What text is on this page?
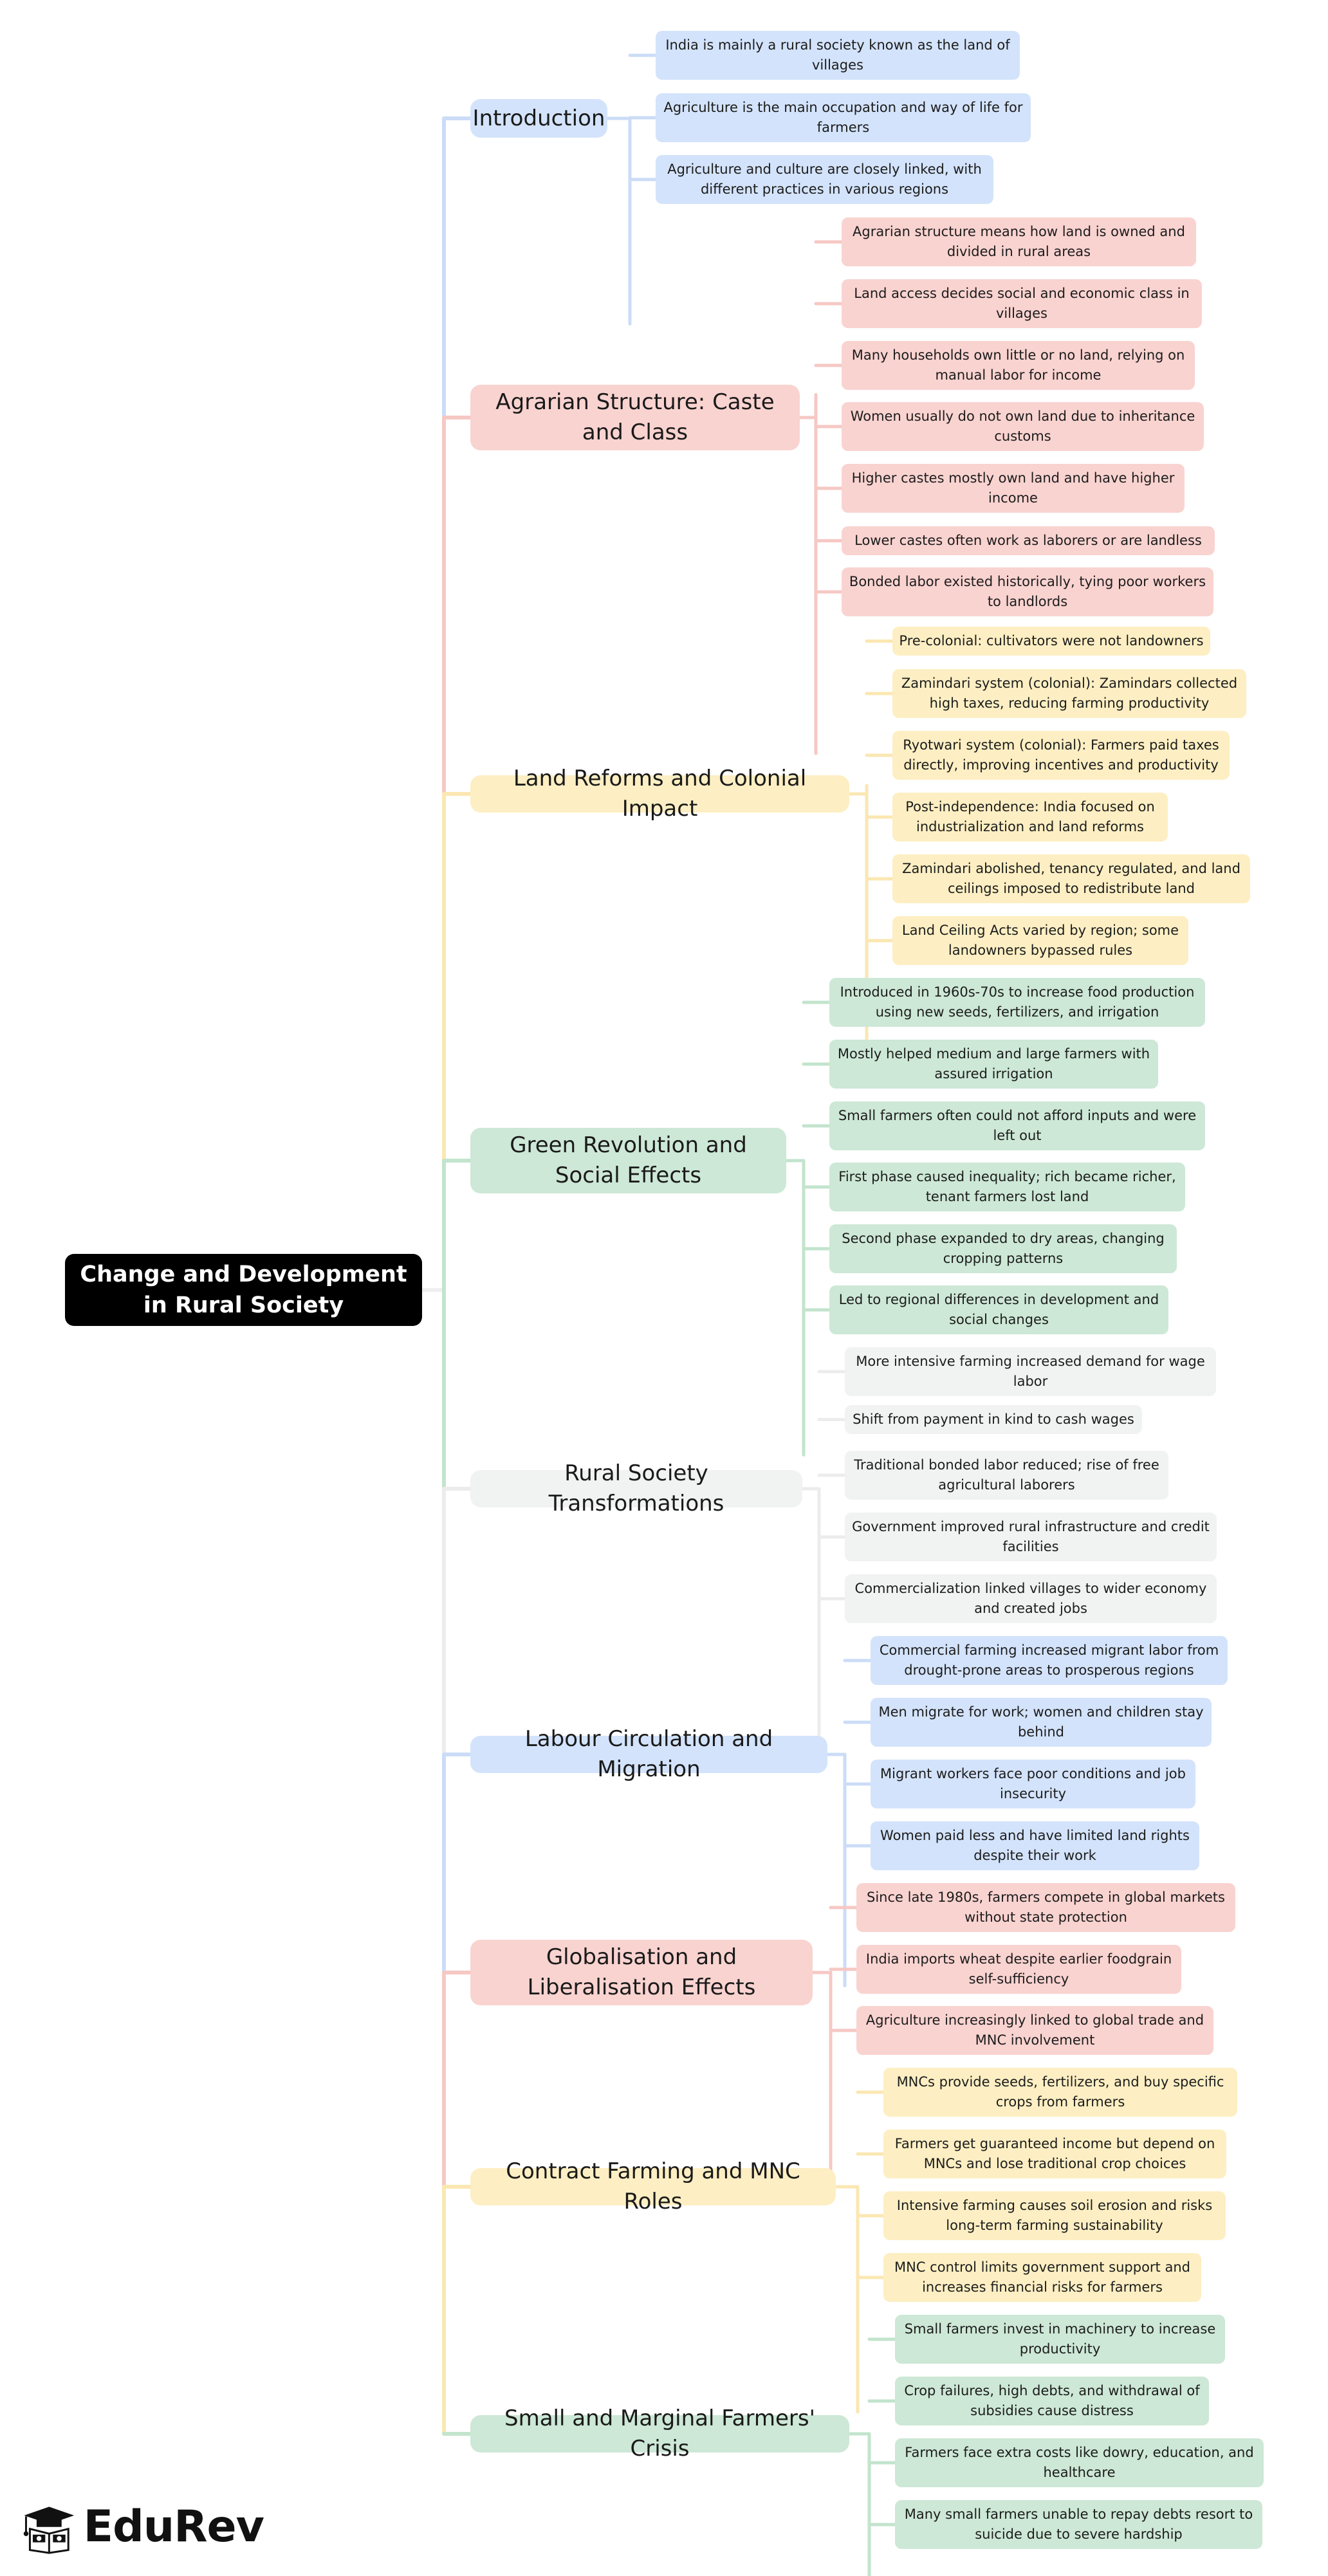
Change and Development in Rural Society
Introduction
India is mainly a rural society known as the land of villages
Agriculture is the main occupation and way of life for farmers
Agriculture and culture are closely linked, with different practices in various regions
Agrarian Structure: Caste and Class
Agrarian structure means how land is owned and divided in rural areas
Land access decides social and economic class in villages
Many households own little or no land, relying on manual labor for income
Women usually do not own land due to inheritance customs
Higher castes mostly own land and have higher income
Lower castes often work as laborers or are landless
Bonded labor existed historically, tying poor workers to landlords
Land Reforms and Colonial Impact
Pre-colonial: cultivators were not landowners
Zamindari system (colonial): Zamindars collected high taxes, reducing farming productivity
Ryotwari system (colonial): Farmers paid taxes directly, improving incentives and productivity
Post-independence: India focused on industrialization and land reforms
Zamindari abolished, tenancy regulated, and land ceilings imposed to redistribute land
Land Ceiling Acts varied by region; some landowners bypassed rules
Green Revolution and Social Effects
Introduced in 1960s-70s to increase food production using new seeds, fertilizers, and irrigation
Mostly helped medium and large farmers with assured irrigation
Small farmers often could not afford inputs and were left out
First phase caused inequality; rich became richer, tenant farmers lost land
Second phase expanded to dry areas, changing cropping patterns
Led to regional differences in development and social changes
Rural Society Transformations
More intensive farming increased demand for wage labor
Shift from payment in kind to cash wages
Traditional bonded labor reduced; rise of free agricultural laborers
Government improved rural infrastructure and credit facilities
Commercialization linked villages to wider economy and created jobs
Labour Circulation and Migration
Commercial farming increased migrant labor from drought-prone areas to prosperous regions
Men migrate for work; women and children stay behind
Migrant workers face poor conditions and job insecurity
Women paid less and have limited land rights despite their work
Globalisation and Liberalisation Effects
Since late 1980s, farmers compete in global markets without state protection
India imports wheat despite earlier foodgrain self-sufficiency
Agriculture increasingly linked to global trade and MNC involvement
Contract Farming and MNC Roles
MNCs provide seeds, fertilizers, and buy specific crops from farmers
Farmers get guaranteed income but depend on MNCs and lose traditional crop choices
Intensive farming causes soil erosion and risks long-term farming sustainability
MNC control limits government support and increases financial risks for farmers
Small and Marginal Farmers' Crisis
Small farmers invest in machinery to increase productivity
Crop failures, high debts, and withdrawal of subsidies cause distress
Farmers face extra costs like dowry, education, and healthcare
Many small farmers unable to repay debts resort to suicide due to severe hardship
EduRev
